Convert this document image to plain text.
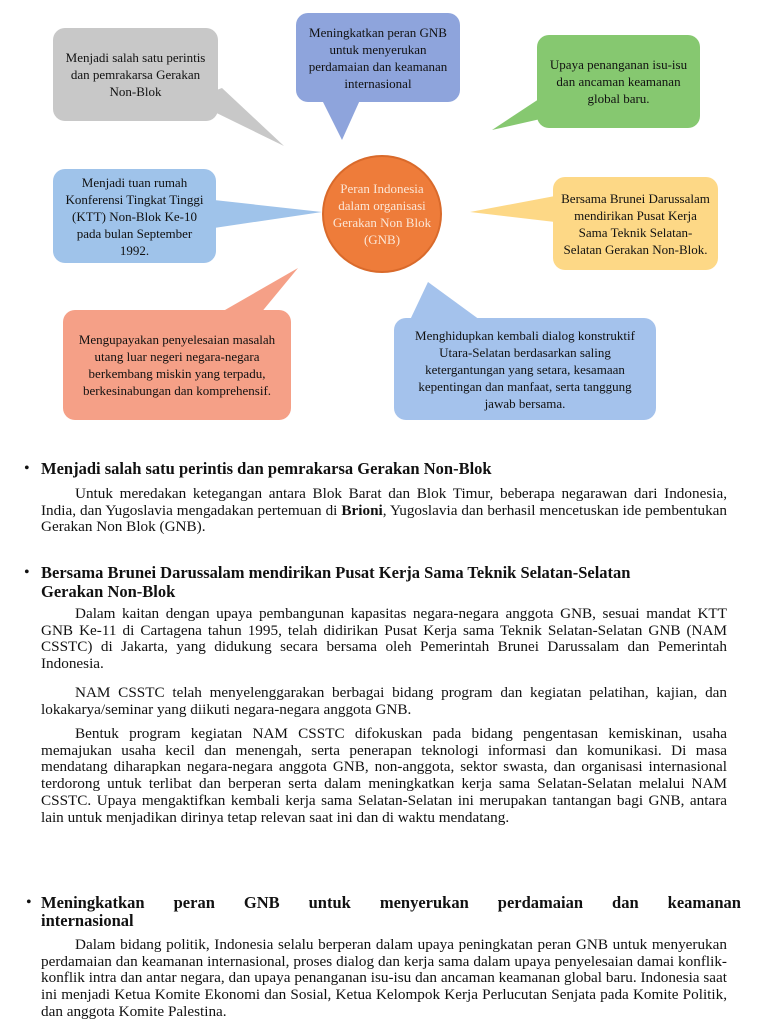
Menjadi salah satu perintis dan pemrakarsa Gerakan Non-Blok
Meningkatkan peran GNB untuk menyerukan perdamaian dan keamanan internasional
Upaya penanganan isu-isu dan ancaman keamanan global baru.
Menjadi tuan rumah Konferensi Tingkat Tinggi (KTT) Non-Blok Ke-10 pada bulan September 1992.
Bersama Brunei Darussalam mendirikan Pusat Kerja Sama Teknik Selatan-Selatan Gerakan Non-Blok.
Mengupayakan penyelesaian masalah utang luar negeri negara-negara berkembang miskin yang terpadu, berkesinabungan dan komprehensif.
Menghidupkan kembali dialog konstruktif Utara-Selatan berdasarkan saling ketergantungan yang setara, kesamaan kepentingan dan manfaat, serta tanggung jawab bersama.
Peran Indonesia dalam organisasi Gerakan Non Blok (GNB)
• Menjadi salah satu perintis dan pemrakarsa Gerakan Non-Blok

Untuk meredakan ketegangan antara Blok Barat dan Blok Timur, beberapa negarawan dari Indonesia, India, dan Yugoslavia mengadakan pertemuan di Brioni, Yugoslavia dan berhasil mencetuskan ide pembentukan Gerakan Non Blok (GNB).

• Bersama Brunei Darussalam mendirikan Pusat Kerja Sama Teknik Selatan-Selatan
Gerakan Non-Blok

Dalam kaitan dengan upaya pembangunan kapasitas negara-negara anggota GNB, sesuai mandat KTT GNB Ke-11 di Cartagena tahun 1995, telah didirikan Pusat Kerja sama Teknik Selatan-Selatan GNB (NAM CSSTC) di Jakarta, yang didukung secara bersama oleh Pemerintah Brunei Darussalam dan Pemerintah Indonesia.

NAM CSSTC telah menyelenggarakan berbagai bidang program dan kegiatan pelatihan, kajian, dan lokakarya/seminar yang diikuti negara-negara anggota GNB.

Bentuk program kegiatan NAM CSSTC difokuskan pada bidang pengentasan kemiskinan, usaha memajukan usaha kecil dan menengah, serta penerapan teknologi informasi dan komunikasi. Di masa mendatang diharapkan negara-negara anggota GNB, non-anggota, sektor swasta, dan organisasi internasional terdorong untuk terlibat dan berperan serta dalam meningkatkan kerja sama Selatan-Selatan melalui NAM CSSTC. Upaya mengaktifkan kembali kerja sama Selatan-Selatan ini merupakan tantangan bagi GNB, antara lain untuk menjadikan dirinya tetap relevan saat ini dan di waktu mendatang.

• Meningkatkan peran GNB untuk menyerukan perdamaian dan keamanan
internasional

Dalam bidang politik, Indonesia selalu berperan dalam upaya peningkatan peran GNB untuk menyerukan perdamaian dan keamanan internasional, proses dialog dan kerja sama dalam upaya penyelesaian damai konflik-konflik intra dan antar negara, dan upaya penanganan isu-isu dan ancaman keamanan global baru. Indonesia saat ini menjadi Ketua Komite Ekonomi dan Sosial, Ketua Kelompok Kerja Perlucutan Senjata pada Komite Politik, dan anggota Komite Palestina.
